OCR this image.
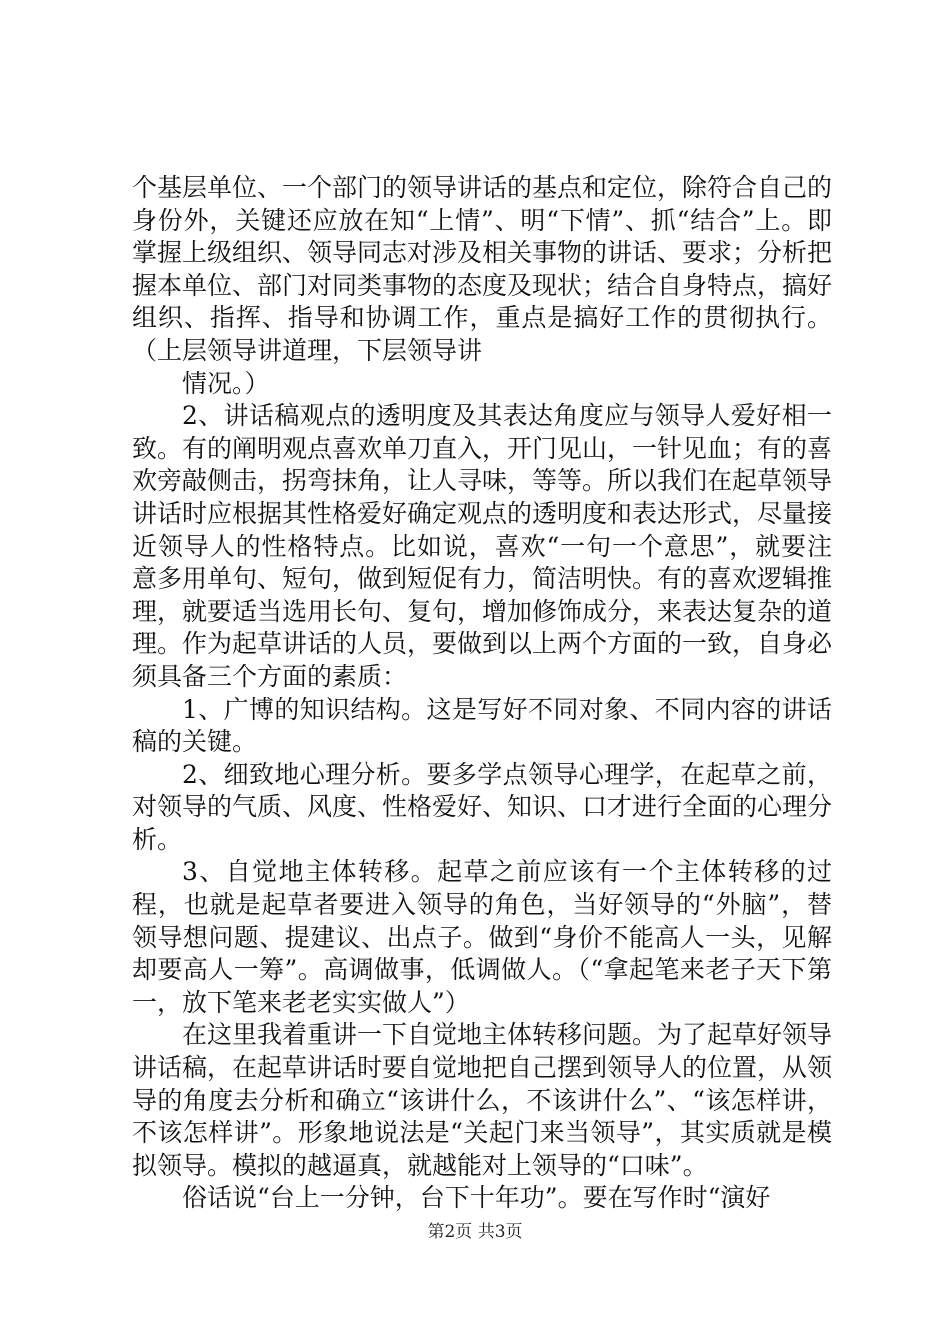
个基层单位、一个部门的领导讲话的基点和定位，除符合自己的身份外，关键还应放在知“上情”、明“下情”、抓“结合”上。即掌握上级组织、领导同志对涉及相关事物的讲话、要求；分析把握本单位、部门对同类事物的态度及现状；结合自身特点，搞好组织、指挥、指导和协调工作，重点是搞好工作的贯彻执行。（上层领导讲道理，下层领导讲

情况。）

2、讲话稿观点的透明度及其表达角度应与领导人爱好相一致。有的阐明观点喜欢单刀直入，开门见山，一针见血；有的喜欢旁敲侧击，拐弯抹角，让人寻味，等等。所以我们在起草领导讲话时应根据其性格爱好确定观点的透明度和表达形式，尽量接近领导人的性格特点。比如说，喜欢“一句一个意思”，就要注意多用单句、短句，做到短促有力，简洁明快。有的喜欢逻辑推理，就要适当选用长句、复句，增加修饰成分，来表达复杂的道理。作为起草讲话的人员，要做到以上两个方面的一致，自身必须具备三个方面的素质：

1、广博的知识结构。这是写好不同对象、不同内容的讲话稿的关键。

2、细致地心理分析。要多学点领导心理学，在起草之前，对领导的气质、风度、性格爱好、知识、口才进行全面的心理分析。

3、自觉地主体转移。起草之前应该有一个主体转移的过程，也就是起草者要进入领导的角色，当好领导的“外脑”，替领导想问题、提建议、出点子。做到“身价不能高人一头，见解却要高人一筹”。高调做事，低调做人。（“拿起笔来老子天下第一，放下笔来老老实实做人”）

在这里我着重讲一下自觉地主体转移问题。为了起草好领导讲话稿，在起草讲话时要自觉地把自己摆到领导人的位置，从领导的角度去分析和确立“该讲什么，不该讲什么”、“该怎样讲，不该怎样讲”。形象地说法是“关起门来当领导”，其实质就是模拟领导。模拟的越逼真，就越能对上领导的“口味”。

俗话说“台上一分钟，台下十年功”。要在写作时“演好

第2页 共3页
